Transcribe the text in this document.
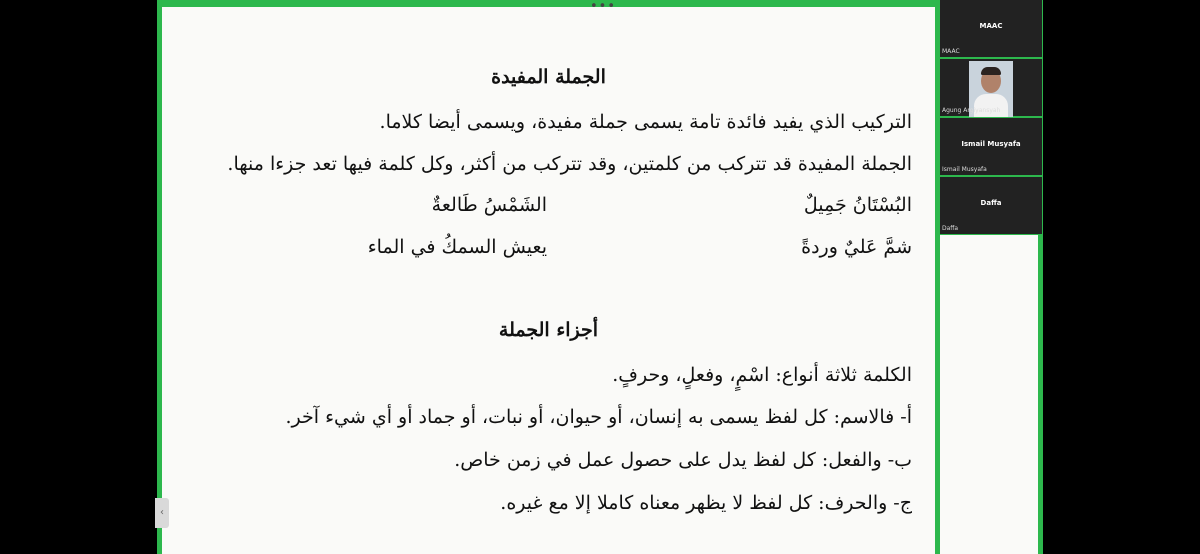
•••
‹
الجملة المفيدة
التركيب الذي يفيد فائدة تامة يسمى جملة مفيدة، ويسمى أيضا كلاما.
الجملة المفيدة قد تتركب من كلمتين، وقد تتركب من أكثر، وكل كلمة فيها تعد جزءا منها.
البُسْتَانُ جَمِيلٌ
الشَمْسُ طَالعةٌ
شمَّ عَليٌ وردةً
يعيش السمكُ في الماء
أجزاء الجملة
الكلمة ثلاثة أنواع: اسْمٍ، وفعلٍ، وحرفٍ.
أ- فالاسم: كل لفظ يسمى به إنسان، أو حيوان، أو نبات، أو جماد أو أي شيء آخر.
ب- والفعل: كل لفظ يدل على حصول عمل في زمن خاص.
ج- والحرف: كل لفظ لا يظهر معناه كاملا إلا مع غيره.
MAAC
MAAC
Agung Argiyansyah
Ismail Musyafa
Ismail Musyafa
Daffa
Daffa
